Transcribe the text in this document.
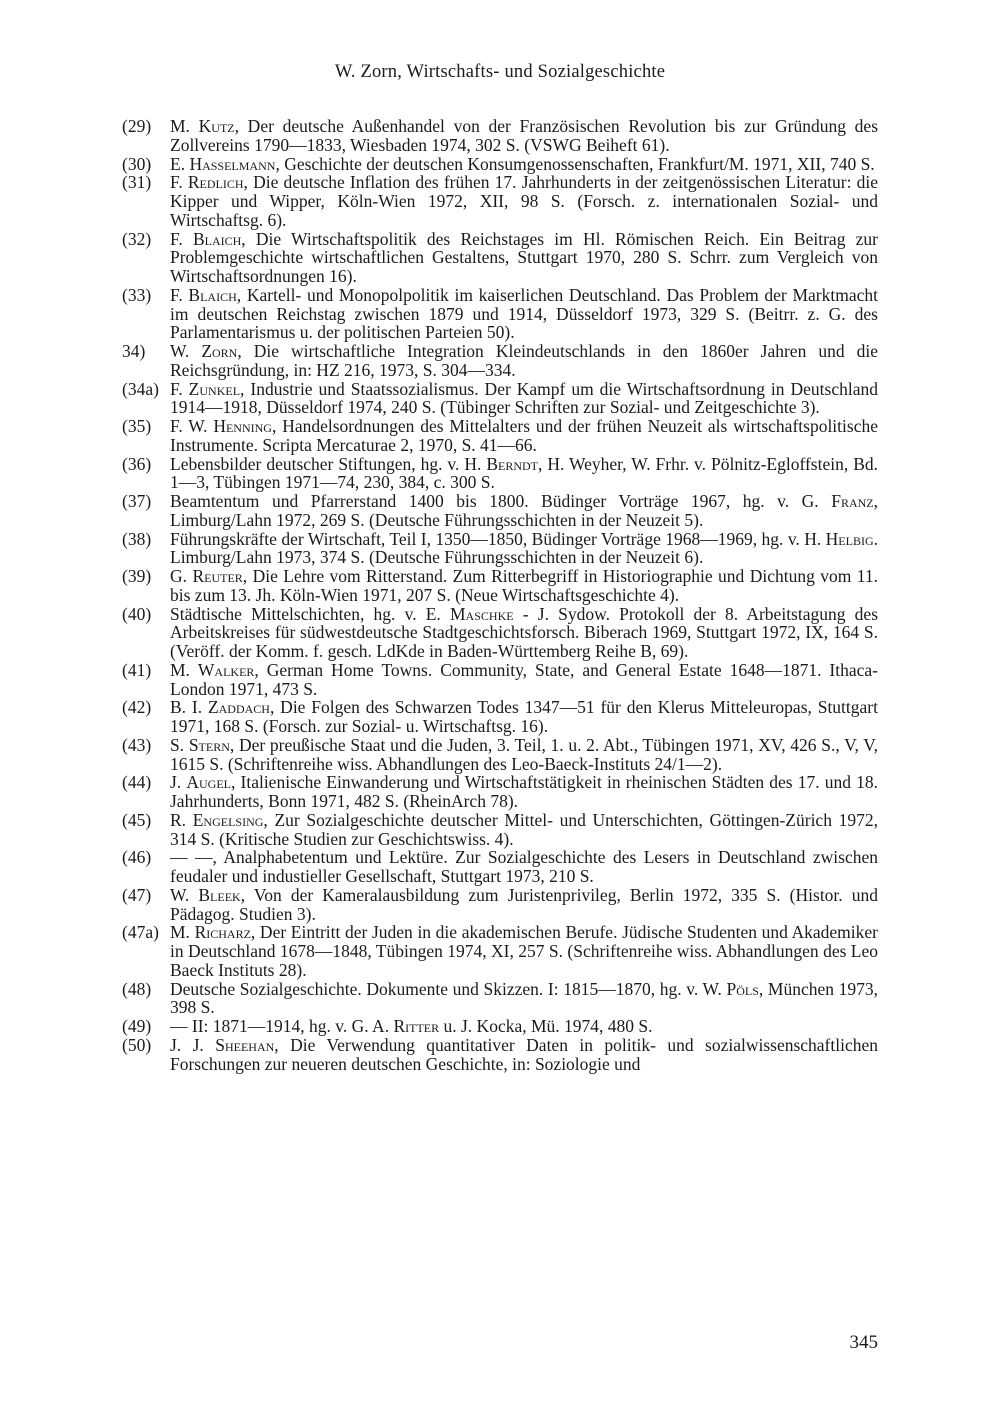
W. Zorn, Wirtschafts- und Sozialgeschichte
(29) M. Kutz, Der deutsche Außenhandel von der Französischen Revolution bis zur Gründung des Zollvereins 1790—1833, Wiesbaden 1974, 302 S. (VSWG Beiheft 61).
(30) E. Hasselmann, Geschichte der deutschen Konsumgenossenschaften, Frankfurt/M. 1971, XII, 740 S.
(31) F. Redlich, Die deutsche Inflation des frühen 17. Jahrhunderts in der zeitgenössischen Literatur: die Kipper und Wipper, Köln-Wien 1972, XII, 98 S. (Forsch. z. internationalen Sozial- und Wirtschaftsg. 6).
(32) F. Blaich, Die Wirtschaftspolitik des Reichstages im Hl. Römischen Reich. Ein Beitrag zur Problemgeschichte wirtschaftlichen Gestaltens, Stuttgart 1970, 280 S. Schrr. zum Vergleich von Wirtschaftsordnungen 16).
(33) F. Blaich, Kartell- und Monopolpolitik im kaiserlichen Deutschland. Das Problem der Marktmacht im deutschen Reichstag zwischen 1879 und 1914, Düsseldorf 1973, 329 S. (Beitrr. z. G. des Parlamentarismus u. der politischen Parteien 50).
34) W. Zorn, Die wirtschaftliche Integration Kleindeutschlands in den 1860er Jahren und die Reichsgründung, in: HZ 216, 1973, S. 304—334.
(34a) F. Zunkel, Industrie und Staatssozialismus. Der Kampf um die Wirtschaftsordnung in Deutschland 1914—1918, Düsseldorf 1974, 240 S. (Tübinger Schriften zur Sozial- und Zeitgeschichte 3).
(35) F. W. Henning, Handelsordnungen des Mittelalters und der frühen Neuzeit als wirtschaftspolitische Instrumente. Scripta Mercaturae 2, 1970, S. 41—66.
(36) Lebensbilder deutscher Stiftungen, hg. v. H. Berndt, H. Weyher, W. Frhr. v. Pölnitz-Egloffstein, Bd. 1—3, Tübingen 1971—74, 230, 384, c. 300 S.
(37) Beamtentum und Pfarrerstand 1400 bis 1800. Büdinger Vorträge 1967, hg. v. G. Franz, Limburg/Lahn 1972, 269 S. (Deutsche Führungsschichten in der Neuzeit 5).
(38) Führungskräfte der Wirtschaft, Teil I, 1350—1850, Büdinger Vorträge 1968—1969, hg. v. H. Helbig. Limburg/Lahn 1973, 374 S. (Deutsche Führungsschichten in der Neuzeit 6).
(39) G. Reuter, Die Lehre vom Ritterstand. Zum Ritterbegriff in Historiographie und Dichtung vom 11. bis zum 13. Jh. Köln-Wien 1971, 207 S. (Neue Wirtschaftsgeschichte 4).
(40) Städtische Mittelschichten, hg. v. E. Maschke - J. Sydow. Protokoll der 8. Arbeitstagung des Arbeitskreises für südwestdeutsche Stadtgeschichtsforsch. Biberach 1969, Stuttgart 1972, IX, 164 S. (Veröff. der Komm. f. gesch. LdKde in Baden-Württemberg Reihe B, 69).
(41) M. Walker, German Home Towns. Community, State, and General Estate 1648—1871. Ithaca-London 1971, 473 S.
(42) B. I. Zaddach, Die Folgen des Schwarzen Todes 1347—51 für den Klerus Mitteleuropas, Stuttgart 1971, 168 S. (Forsch. zur Sozial- u. Wirtschaftsg. 16).
(43) S. Stern, Der preußische Staat und die Juden, 3. Teil, 1. u. 2. Abt., Tübingen 1971, XV, 426 S., V, V, 1615 S. (Schriftenreihe wiss. Abhandlungen des Leo-Baeck-Instituts 24/1—2).
(44) J. Augel, Italienische Einwanderung und Wirtschaftstätigkeit in rheinischen Städten des 17. und 18. Jahrhunderts, Bonn 1971, 482 S. (RheinArch 78).
(45) R. Engelsing, Zur Sozialgeschichte deutscher Mittel- und Unterschichten, Göttingen-Zürich 1972, 314 S. (Kritische Studien zur Geschichtswiss. 4).
(46) — —, Analphabetentum und Lektüre. Zur Sozialgeschichte des Lesers in Deutschland zwischen feudaler und industieller Gesellschaft, Stuttgart 1973, 210 S.
(47) W. Bleek, Von der Kameralausbildung zum Juristenprivileg, Berlin 1972, 335 S. (Histor. und Pädagog. Studien 3).
(47a) M. Richarz, Der Eintritt der Juden in die akademischen Berufe. Jüdische Studenten und Akademiker in Deutschland 1678—1848, Tübingen 1974, XI, 257 S. (Schriftenreihe wiss. Abhandlungen des Leo Baeck Instituts 28).
(48) Deutsche Sozialgeschichte. Dokumente und Skizzen. I: 1815—1870, hg. v. W. Pöls, München 1973, 398 S.
(49) — II: 1871—1914, hg. v. G. A. Ritter u. J. Kocka, Mü. 1974, 480 S.
(50) J. J. Sheehan, Die Verwendung quantitativer Daten in politik- und sozialwissenschaftlichen Forschungen zur neueren deutschen Geschichte, in: Soziologie und
345
